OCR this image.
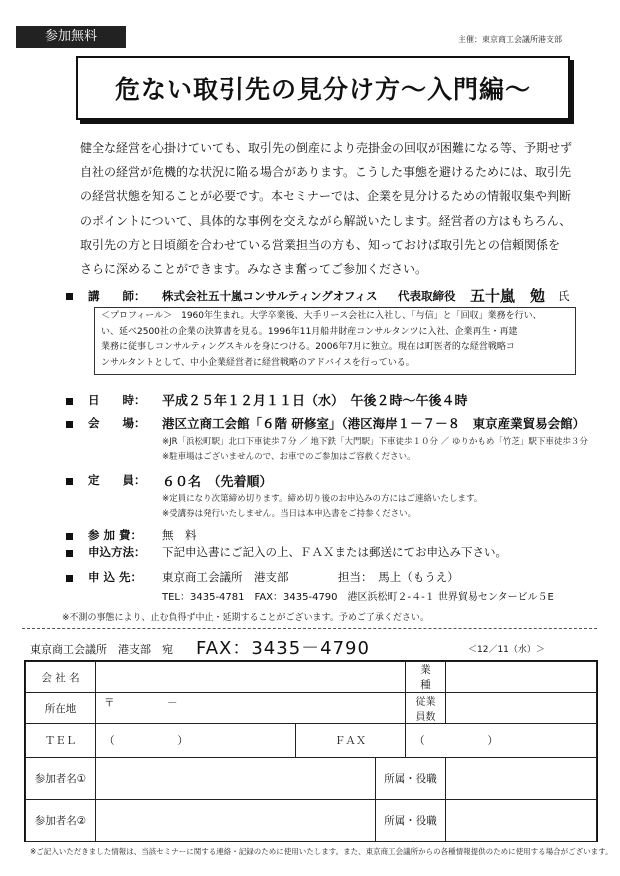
参加無料	主催：東京商工会議所港支部
危ない取引先の見分け方～入門編～
健全な経営を心掛けていても、取引先の倒産により売掛金の回収が困難になる等、予期せず
自社の経営が危機的な状況に陥る場合があります。こうした事態を避けるためには、取引先
の経営状態を知ることが必要です。本セミナーでは、企業を見分けるための情報収集や判断
のポイントについて、具体的な事例を交えながら解説いたします。経営者の方はもちろん、
取引先の方と日頃顔を合わせている営業担当の方も、知っておけば取引先との信頼関係を
さらに深めることができます。みなさま奮ってご参加ください。
講　　師： 株式会社五十嵐コンサルティングオフィス 代表取締役 五十嵐　勉 氏
＜プロフィール＞　1960年生まれ。大学卒業後、大手リース会社に入社し、「与信」と「回収」業務を行い、
い、延べ2500社の企業の決算書を見る。1996年11月船井財産コンサルタンツに入社、企業再生・再建
業務に従事しコンサルティングスキルを身につける。2006年7月に独立。現在は町医者的な経営戦略コ
ンサルタントとして、中小企業経営者に経営戦略のアドバイスを行っている。
日　　時： 平成２５年１２月１１日（水）　午後２時～午後４時
会　　場： 港区立商工会館「６階 研修室」（港区海岸１－７－８　東京産業貿易会館）
※JR「浜松町駅」北口下車徒歩７分 ／ 地下鉄「大門駅」下車徒歩１０分 ／ ゆりかもめ「竹芝」駅下車徒歩３分
※駐車場はございませんので、お車でのご参加はご容赦ください。
定　　員： ６０名　（先着順）
※定員になり次第締め切ります。締め切り後のお申込みの方にはご連絡いたします。
※受講券は発行いたしません。当日は本申込書をご持参ください。
参 加 費： 無　料
申込方法： 下記申込書にご記入の上、ＦＡＸまたは郵送にてお申込み下さい。
申 込 先： 東京商工会議所　港支部	担当：　馬上（もうえ）
TEL：3435-4781　FAX：3435-4790　港区浜松町２-４-１ 世界貿易センタービル５E
※不測の事態により、止む負得ず中止・延期することがございます。予めご了承ください。
東京商工会議所　港支部　宛 FAX：3435－4790	＜12／11（水）＞
会 社 名				業　種	
所在地	〒　　　　　－			従業員数	
ＴＥＬ	（　　　　　　）	ＦＡＸ		（　　　　　　）	
参加者名①			所属・役職		
参加者名②			所属・役職		
※ご記入いただきました情報は、当該セミナーに関する連絡・記録のために使用いたします。また、東京商工会議所からの各種情報提供のために使用する場合がございます。
